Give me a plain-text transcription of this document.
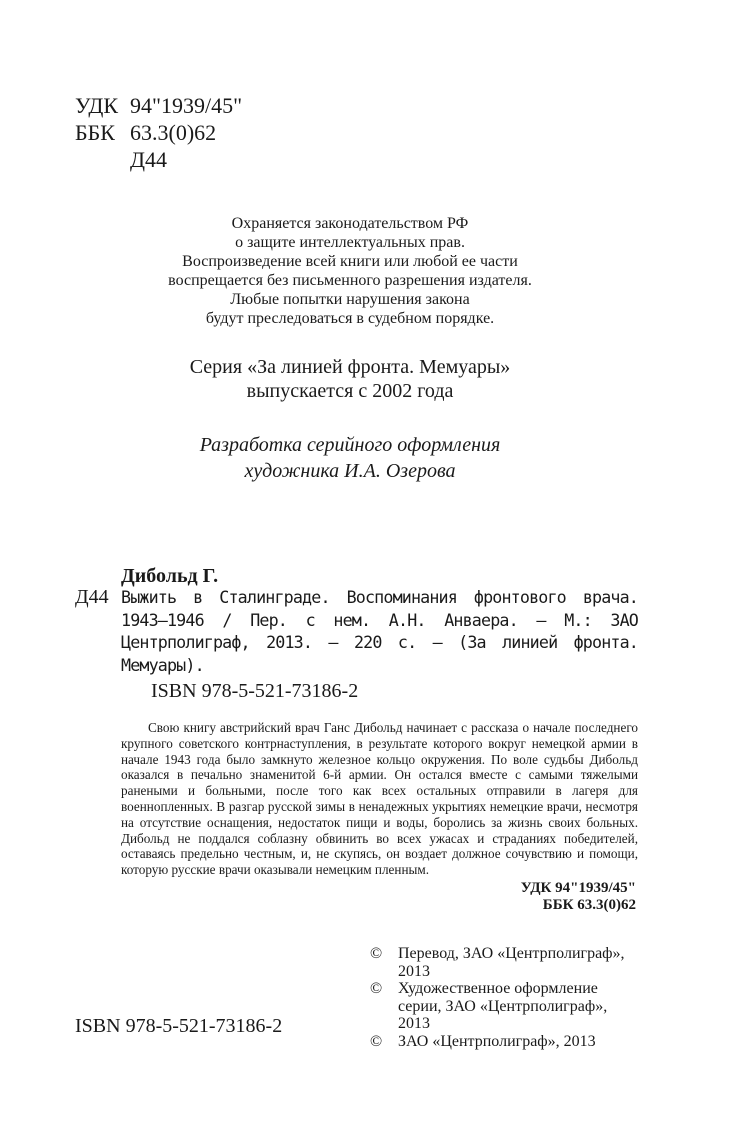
УДК 94"1939/45"
ББК 63.3(0)62
Д44
Охраняется законодательством РФ
о защите интеллектуальных прав.
Воспроизведение всей книги или любой ее части
воспрещается без письменного разрешения издателя.
Любые попытки нарушения закона
будут преследоваться в судебном порядке.
Серия «За линией фронта. Мемуары»
выпускается с 2002 года
Разработка серийного оформления
художника И.А. Озерова
Дибольд Г.
Д44 Выжить в Сталинграде. Воспоминания фронтового врача. 1943—1946 / Пер. с нем. А.Н. Анваера. — М.: ЗАО Центрполиграф, 2013. — 220 с. — (За линией фронта. Мемуары).
ISBN 978-5-521-73186-2
Свою книгу австрийский врач Ганс Дибольд начинает с рассказа о начале последнего крупного советского контрнаступления, в результате которого вокруг немецкой армии в начале 1943 года было замкнуто железное кольцо окружения. По воле судьбы Дибольд оказался в печально знаменитой 6-й армии. Он остался вместе с самыми тяжелыми ранеными и больными, после того как всех остальных отправили в лагеря для военнопленных. В разгар русской зимы в ненадежных укрытиях немецкие врачи, несмотря на отсутствие оснащения, недостаток пищи и воды, боролись за жизнь своих больных. Дибольд не поддался соблазну обвинить во всех ужасах и страданиях победителей, оставаясь предельно честным, и, не скупясь, он воздает должное сочувствию и помощи, которую русские врачи оказывали немецким пленным.
УДК 94"1939/45"
ББК 63.3(0)62
ISBN 978-5-521-73186-2
© Перевод, ЗАО «Центрполиграф», 2013
© Художественное оформление серии, ЗАО «Центрполиграф», 2013
© ЗАО «Центрполиграф», 2013
